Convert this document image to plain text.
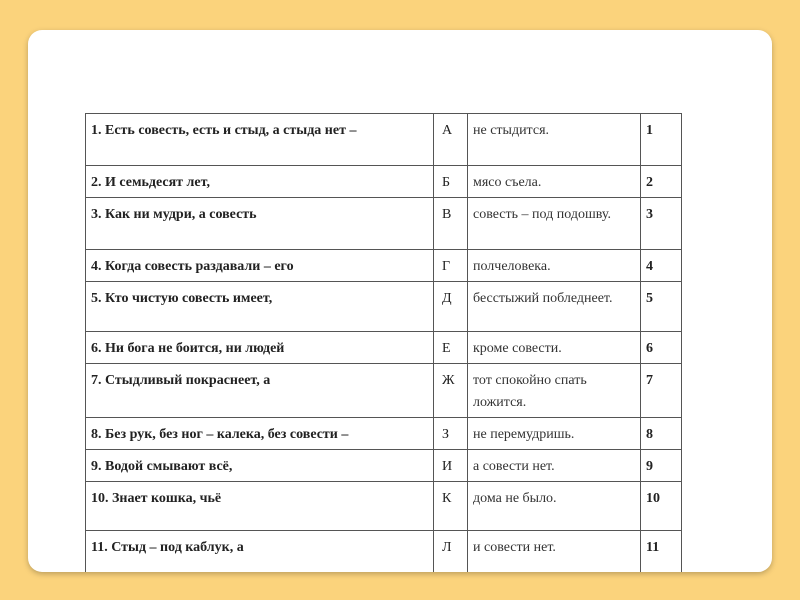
1. Есть совесть, есть и стыд, а стыда нет –	А	не стыдится.	1
2. И семьдесят лет,	Б	мясо съела.	2
3. Как ни мудри, а совесть	В	совесть – под подошву.	3
4. Когда совесть раздавали – его	Г	полчеловека.	4
5. Кто чистую совесть имеет,	Д	бесстыжий побледнеет.	5
6. Ни бога не боится, ни людей	Е	кроме совести.	6
7. Стыдливый покраснеет, а	Ж	тот спокойно спать ложится.	7
8. Без рук, без ног – калека, без совести –	З	не перемудришь.	8
9. Водой смывают всё,	И	а совести нет.	9
10. Знает кошка, чьё	К	дома не было.	10
11. Стыд – под каблук, а	Л	и совести нет.	11
